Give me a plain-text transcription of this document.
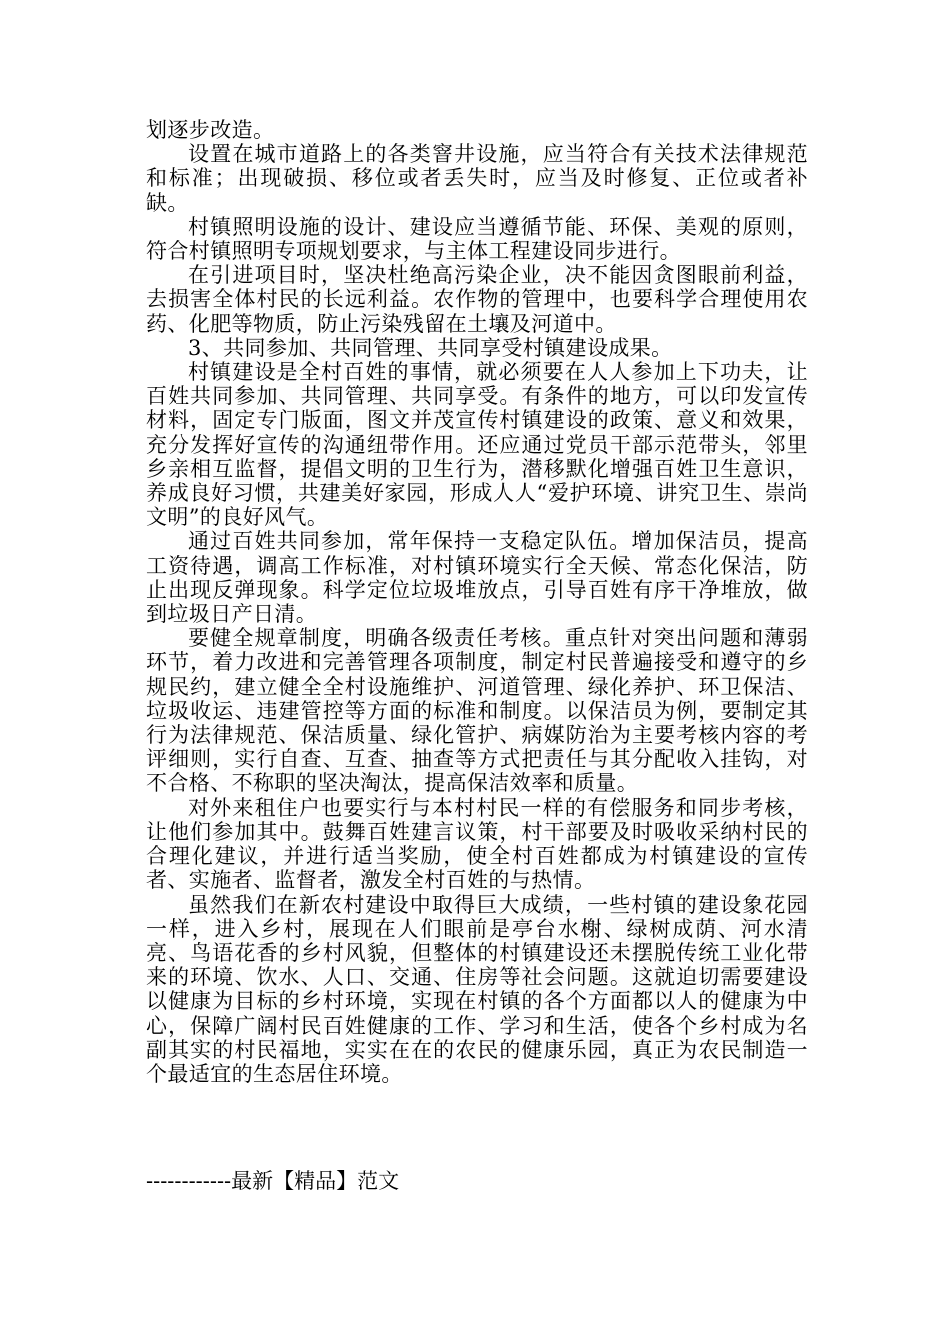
划逐步改造。

设置在城市道路上的各类窨井设施，应当符合有关技术法律规范和标准；出现破损、移位或者丢失时，应当及时修复、正位或者补缺。

村镇照明设施的设计、建设应当遵循节能、环保、美观的原则，符合村镇照明专项规划要求，与主体工程建设同步进行。

在引进项目时，坚决杜绝高污染企业，决不能因贪图眼前利益，去损害全体村民的长远利益。农作物的管理中，也要科学合理使用农药、化肥等物质，防止污染残留在土壤及河道中。

3、共同参加、共同管理、共同享受村镇建设成果。

村镇建设是全村百姓的事情，就必须要在人人参加上下功夫，让百姓共同参加、共同管理、共同享受。有条件的地方，可以印发宣传材料，固定专门版面，图文并茂宣传村镇建设的政策、意义和效果，充分发挥好宣传的沟通纽带作用。还应通过党员干部示范带头，邻里乡亲相互监督，提倡文明的卫生行为，潜移默化增强百姓卫生意识，养成良好习惯，共建美好家园，形成人人“爱护环境、讲究卫生、崇尚文明”的良好风气。

通过百姓共同参加，常年保持一支稳定队伍。增加保洁员，提高工资待遇，调高工作标准，对村镇环境实行全天候、常态化保洁，防止出现反弹现象。科学定位垃圾堆放点，引导百姓有序干净堆放，做到垃圾日产日清。

要健全规章制度，明确各级责任考核。重点针对突出问题和薄弱环节，着力改进和完善管理各项制度，制定村民普遍接受和遵守的乡规民约，建立健全全村设施维护、河道管理、绿化养护、环卫保洁、垃圾收运、违建管控等方面的标准和制度。以保洁员为例，要制定其行为法律规范、保洁质量、绿化管护、病媒防治为主要考核内容的考评细则，实行自查、互查、抽查等方式把责任与其分配收入挂钩，对不合格、不称职的坚决淘汰，提高保洁效率和质量。

对外来租住户也要实行与本村村民一样的有偿服务和同步考核，让他们参加其中。鼓舞百姓建言议策，村干部要及时吸收采纳村民的合理化建议，并进行适当奖励，使全村百姓都成为村镇建设的宣传者、实施者、监督者，激发全村百姓的与热情。

虽然我们在新农村建设中取得巨大成绩，一些村镇的建设象花园一样，进入乡村，展现在人们眼前是亭台水榭、绿树成荫、河水清亮、鸟语花香的乡村风貌，但整体的村镇建设还未摆脱传统工业化带来的环境、饮水、人口、交通、住房等社会问题。这就迫切需要建设以健康为目标的乡村环境，实现在村镇的各个方面都以人的健康为中心，保障广阔村民百姓健康的工作、学习和生活，使各个乡村成为名副其实的村民福地，实实在在的农民的健康乐园，真正为农民制造一个最适宜的生态居住环境。

------------最新【精品】范文
